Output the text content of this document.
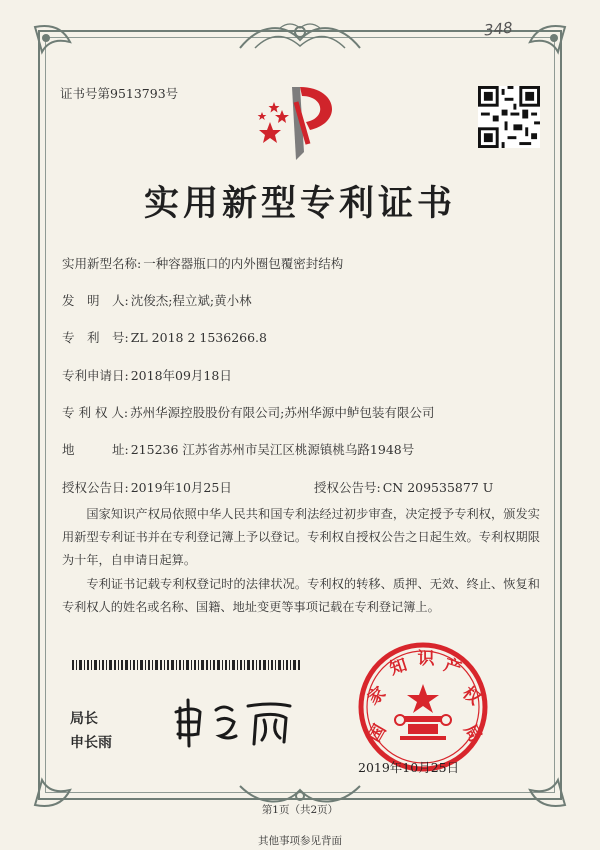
348
证书号第9513793号
实用新型专利证书
实用新型名称: 一种容器瓶口的内外圈包覆密封结构
发　明　人: 沈俊杰;程立斌;黄小林
专　利　号: ZL 2018 2 1536266.8
专利申请日: 2018年09月18日
专 利 权 人: 苏州华源控股股份有限公司;苏州华源中鲈包装有限公司
地　　　址: 215236 江苏省苏州市吴江区桃源镇桃乌路1948号
授权公告日: 2019年10月25日	授权公告号: CN 209535877 U
国家知识产权局依照中华人民共和国专利法经过初步审查，决定授予专利权，颁发实用新型专利证书并在专利登记簿上予以登记。专利权自授权公告之日起生效。专利权期限为十年，自申请日起算。
专利证书记载专利权登记时的法律状况。专利权的转移、质押、无效、终止、恢复和专利权人的姓名或名称、国籍、地址变更等事项记载在专利登记簿上。
局长
申长雨	国
家
知 识 产
权
局
2019年10月25日
第1页（共2页）
其他事项参见背面
